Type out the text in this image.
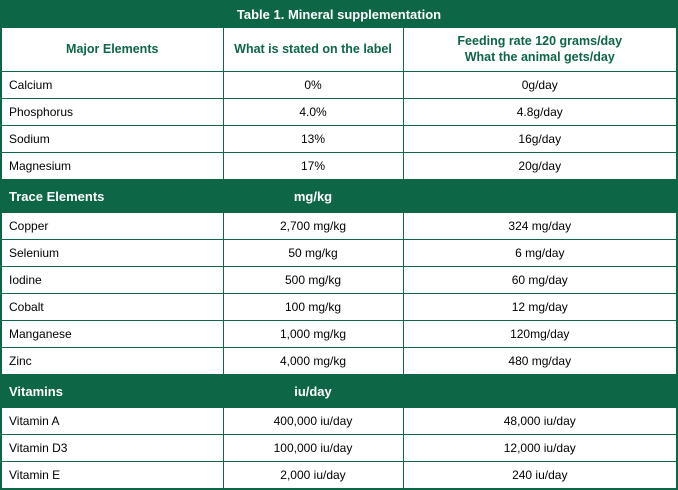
Table 1. Mineral supplementation		
Major Elements	What is stated on the label	Feeding rate 120 grams/day
What the animal gets/day

Calcium	0%	0g/day
Phosphorus	4.0%	4.8g/day
Sodium	13%	16g/day
Magnesium	17%	20g/day
Trace Elements	mg/kg	
Copper	2,700 mg/kg	324 mg/day
Selenium	50 mg/kg	6 mg/day
Iodine	500 mg/kg	60 mg/day
Cobalt	100 mg/kg	12 mg/day
Manganese	1,000 mg/kg	120mg/day
Zinc	4,000 mg/kg	480 mg/day
Vitamins	iu/day	
Vitamin A	400,000 iu/day	48,000 iu/day
Vitamin D3	100,000 iu/day	12,000 iu/day
Vitamin E	2,000 iu/day	240 iu/day
